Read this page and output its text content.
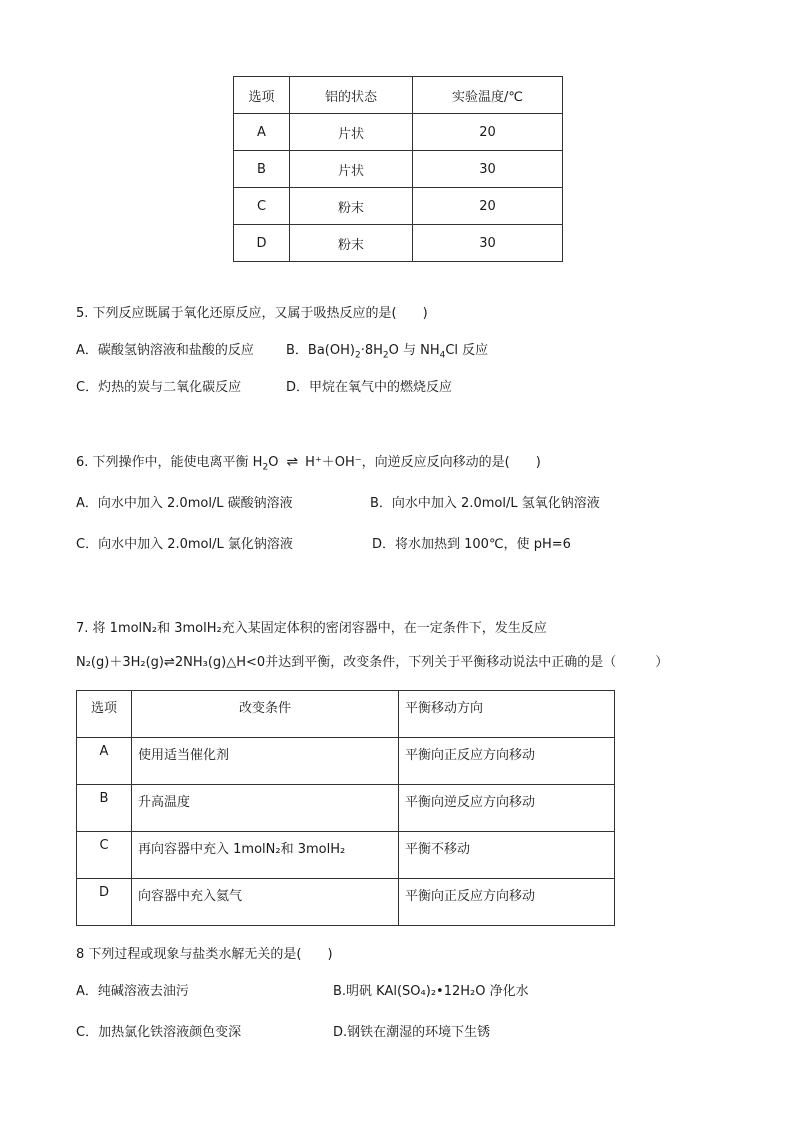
选项	铝的状态	实验温度/℃
A	片状	20
B	片状	30
C	粉末	20
D	粉末	30
5. 下列反应既属于氧化还原反应，又属于吸热反应的是(　　)
A．碳酸氢钠溶液和盐酸的反应 B．$Ba(OH)_2\cdot 8H_2O$ 与 $NH_4Cl$ 反应
C．灼热的炭与二氧化碳反应	D．甲烷在氧气中的燃烧反应
6. 下列操作中，能使电离平衡 $H_2O$ ⇌ H⁺＋OH⁻，向逆反应反向移动的是(　　)
A．向水中加入 2.0mol/L 碳酸钠溶液	B．向水中加入 2.0mol/L 氢氧化钠溶液
C．向水中加入 2.0mol/L 氯化钠溶液	D．将水加热到 100℃，使 pH=6
7. 将 1molN₂和 3molH₂充入某固定体积的密闭容器中，在一定条件下，发生反应
N₂(g)＋3H₂(g)⇌2NH₃(g)△H<0并达到平衡，改变条件，下列关于平衡移动说法中正确的是（　　　）
选项	改变条件	平衡移动方向
A	使用适当催化剂	平衡向正反应方向移动
B	升高温度	平衡向逆反应方向移动
C	再向容器中充入 1molN₂和 3molH₂	平衡不移动
D	向容器中充入氦气	平衡向正反应方向移动
8 下列过程或现象与盐类水解无关的是(　　)
A．纯碱溶液去油污	B.明矾 KAl(SO₄)₂•12H₂O 净化水
C．加热氯化铁溶液颜色变深	D.钢铁在潮湿的环境下生锈
